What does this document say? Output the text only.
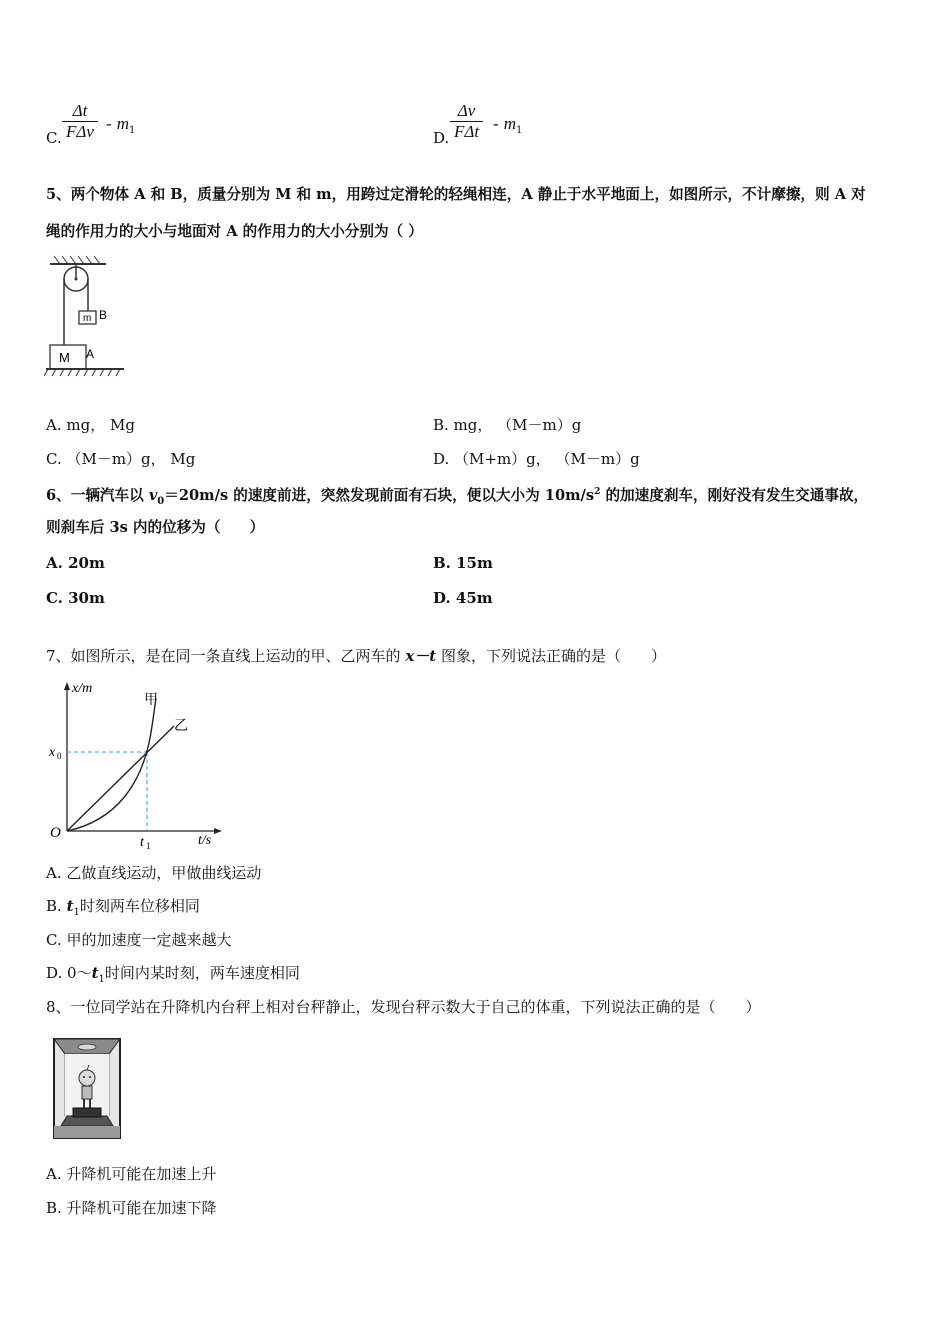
C.
Δt
FΔv - $m_1$	D.
Δv
FΔt - $m_1$
5、两个物体 A 和 B，质量分别为 M 和 m，用跨过定滑轮的轻绳相连，A 静止于水平地面上，如图所示，不计摩擦，则 A 对
绳的作用力的大小与地面对 A 的作用力的大小分别为（ ）
m B
M A
A. mg， Mg	B. mg， （M－m）g
C. （M－m）g， Mg	D. （M+m）g， （M－m）g
6、一辆汽车以 $v_0=20m/s$ 的速度前进，突然发现前面有石块，便以大小为 $10m/s^2$ 的加速度刹车，刚好没有发生交通事故，
则刹车后 3s 内的位移为（　　）
A. 20m	B. 15m
C. 30m	D. 45m
7、如图所示，是在同一条直线上运动的甲、乙两车的 x－t 图象，下列说法正确的是（　　）
x/m
t/s
O
x 0
t 1
甲
乙
A. 乙做直线运动，甲做曲线运动
B. $t_1$时刻两车位移相同
C. 甲的加速度一定越来越大
D. $0\sim t_1$时间内某时刻，两车速度相同
8、一位同学站在升降机内台秤上相对台秤静止，发现台秤示数大于自己的体重，下列说法正确的是（　　）
A. 升降机可能在加速上升
B. 升降机可能在加速下降
